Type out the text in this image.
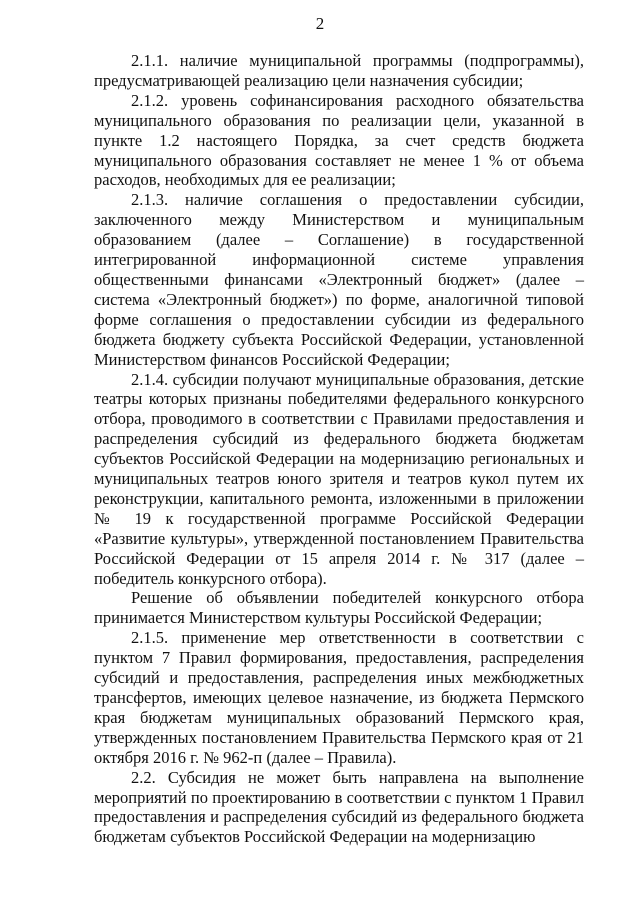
2

2.1.1. наличие муниципальной программы (подпрограммы), предусматривающей реализацию цели назначения субсидии;

2.1.2. уровень софинансирования расходного обязательства муниципального образования по реализации цели, указанной в пункте 1.2 настоящего Порядка, за счет средств бюджета муниципального образования составляет не менее 1 % от объема расходов, необходимых для ее реализации;

2.1.3. наличие соглашения о предоставлении субсидии, заключенного между Министерством и муниципальным образованием (далее – Соглашение) в государственной интегрированной информационной системе управления общественными финансами «Электронный бюджет» (далее – система «Электронный бюджет») по форме, аналогичной типовой форме соглашения о предоставлении субсидии из федерального бюджета бюджету субъекта Российской Федерации, установленной Министерством финансов Российской Федерации;

2.1.4. субсидии получают муниципальные образования, детские театры которых признаны победителями федерального конкурсного отбора, проводимого в соответствии с Правилами предоставления и распределения субсидий из федерального бюджета бюджетам субъектов Российской Федерации на модернизацию региональных и муниципальных театров юного зрителя и театров кукол путем их реконструкции, капитального ремонта, изложенными в приложении № 19 к государственной программе Российской Федерации «Развитие культуры», утвержденной постановлением Правительства Российской Федерации от 15 апреля 2014 г. № 317 (далее – победитель конкурсного отбора).

Решение об объявлении победителей конкурсного отбора принимается Министерством культуры Российской Федерации;

2.1.5. применение мер ответственности в соответствии с пунктом 7 Правил формирования, предоставления, распределения субсидий и предоставления, распределения иных межбюджетных трансфертов, имеющих целевое назначение, из бюджета Пермского края бюджетам муниципальных образований Пермского края, утвержденных постановлением Правительства Пермского края от 21 октября 2016 г. № 962-п (далее – Правила).

2.2. Субсидия не может быть направлена на выполнение мероприятий по проектированию в соответствии с пунктом 1 Правил предоставления и распределения субсидий из федерального бюджета бюджетам субъектов Российской Федерации на модернизацию
